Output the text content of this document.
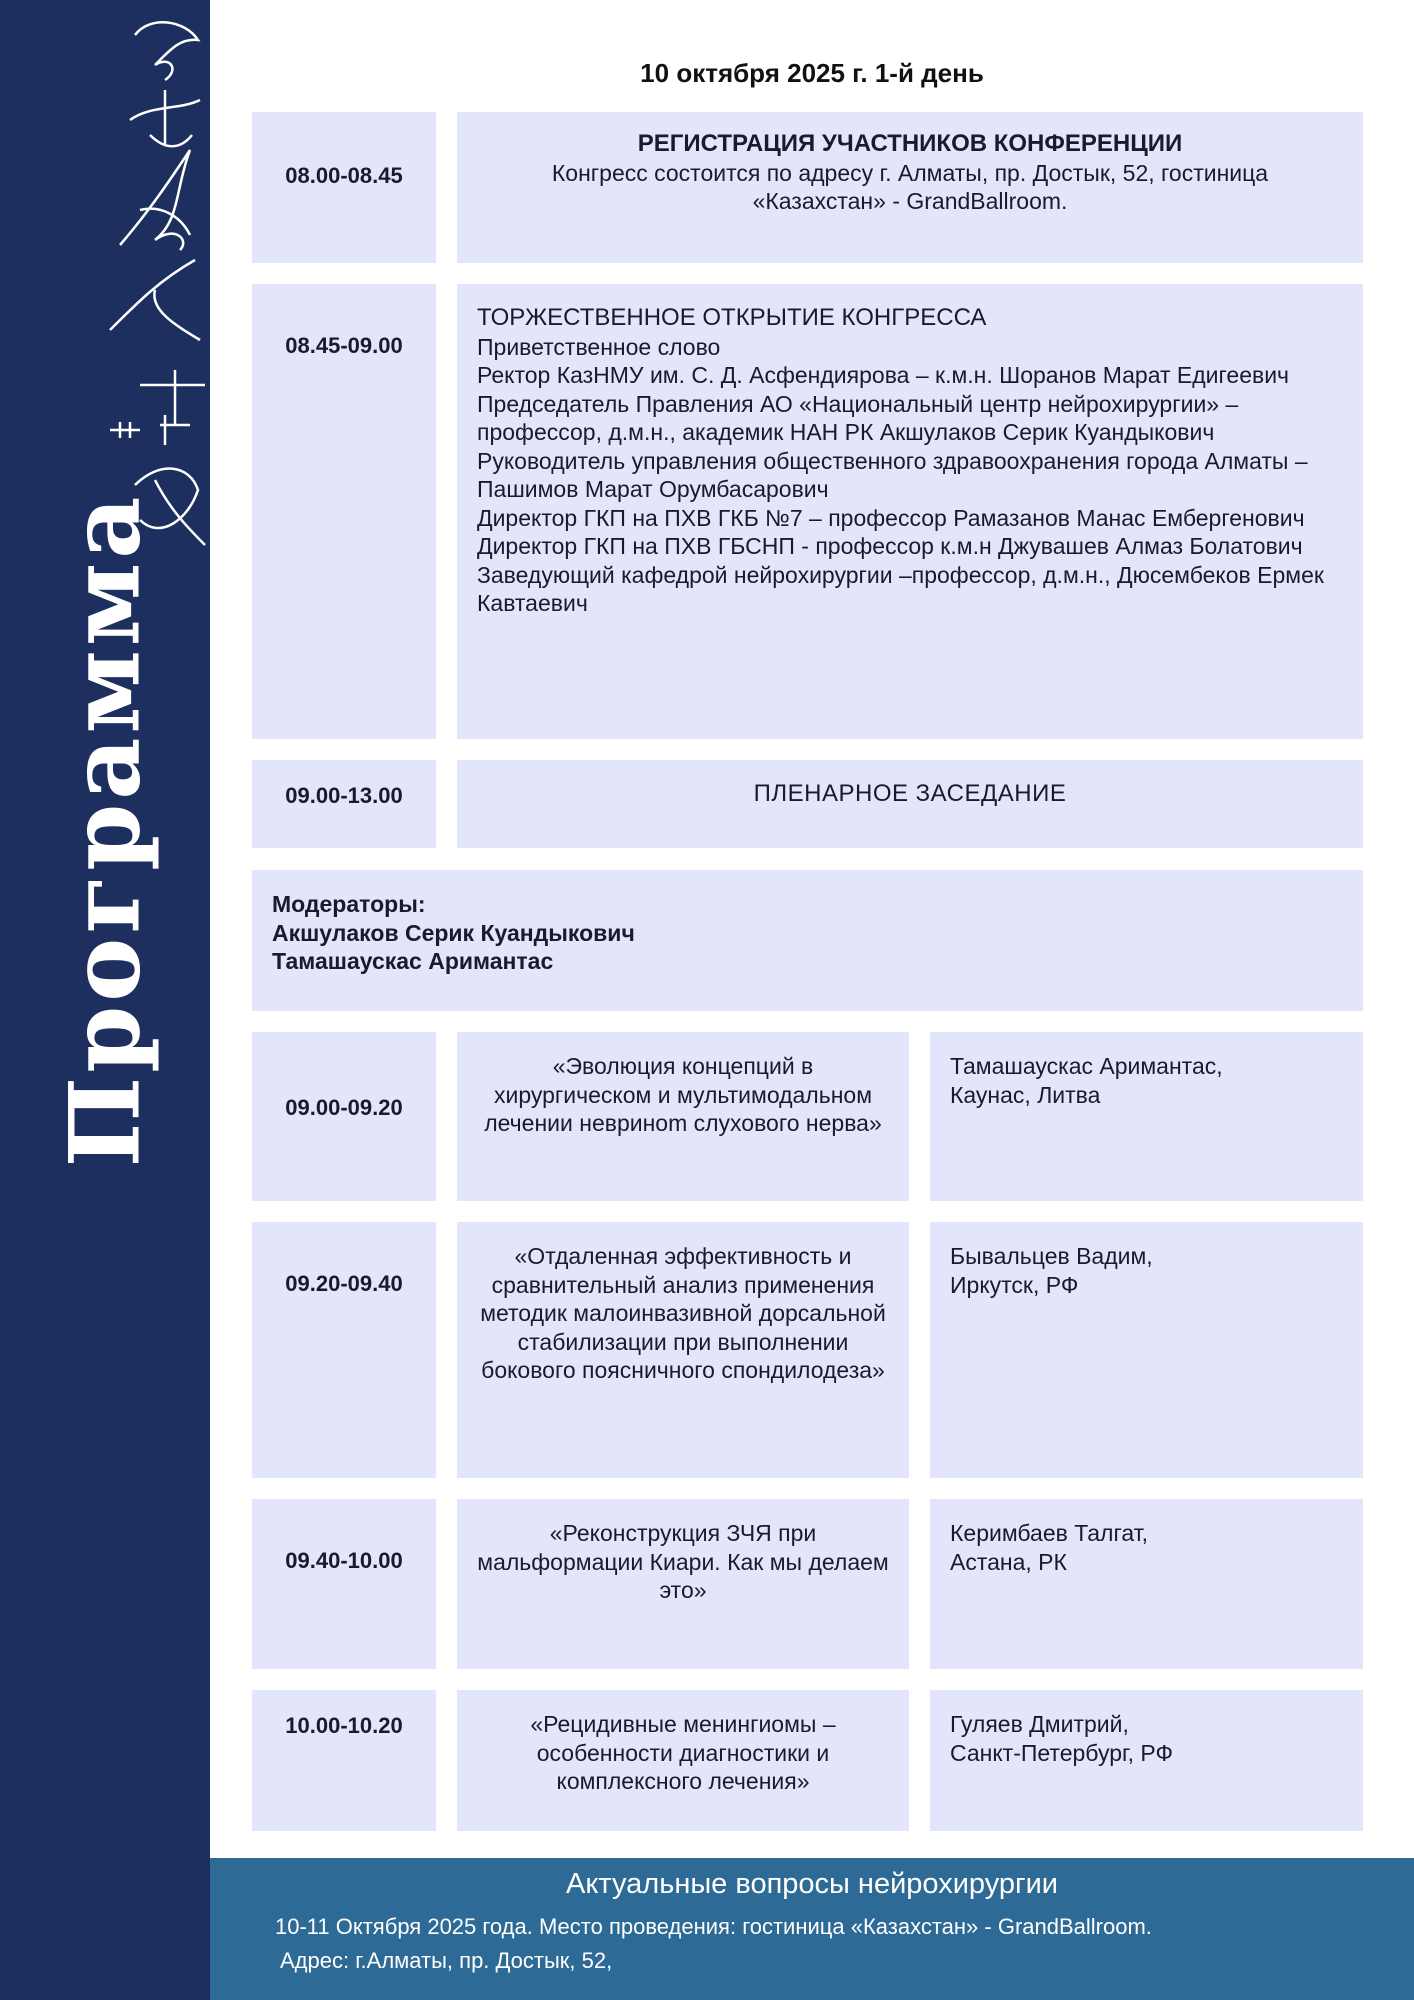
Программа
10 октября 2025 г. 1-й день
08.00-08.45
РЕГИСТРАЦИЯ УЧАСТНИКОВ КОНФЕРЕНЦИИ
Конгресс состоится по адресу г. Алматы, пр. Достык, 52, гостиница «Казахстан» - GrandBallroom.
08.45-09.00
ТОРЖЕСТВЕННОЕ ОТКРЫТИЕ КОНГРЕССА
Приветственное слово
Ректор КазНМУ им. С. Д. Асфендиярова – к.м.н. Шоранов Марат Едигеевич
Председатель Правления АО «Национальный центр нейрохирургии» – профессор, д.м.н., академик НАН РК Акшулаков Серик Куандыкович
Руководитель управления общественного здравоохранения города Алматы – Пашимов Марат Орумбасарович
Директор ГКП на ПХВ ГКБ №7 – профессор Рамазанов Манас Ембергенович
Директор ГКП на ПХВ ГБСНП - профессор к.м.н Джувашев Алмаз Болатович
Заведующий кафедрой нейрохирургии –профессор, д.м.н., Дюсембеков Ермек Кавтаевич
09.00-13.00	ПЛЕНАРНОЕ ЗАСЕДАНИЕ
Модераторы:
Акшулаков Серик Куандыкович
Тамашаускас Аримантас
09.00-09.20
«Эволюция концепций в хирургическом и мультимодальном лечении невриноm слухового нерва»
Тамашаускас Аримантас,
Каунас, Литва
09.20-09.40
«Отдаленная эффективность и сравнительный анализ применения методик малоинвазивной дорсальной стабилизации при выполнении бокового поясничного спондилодеза»
Бывальцев Вадим,
Иркутск, РФ
09.40-10.00
«Реконструкция ЗЧЯ при мальформации Киари. Как мы делаем это»
Керимбаев Талгат,
Астана, РК
10.00-10.20	«Рецидивные менингиомы – особенности диагностики и комплексного лечения»
Гуляев Дмитрий,
Санкт-Петербург, РФ
Актуальные вопросы нейрохирургии
10-11 Октября 2025 года. Место проведения: гостиница «Казахстан» - GrandBallroom.
Адрес: г.Алматы, пр. Достык, 52,
